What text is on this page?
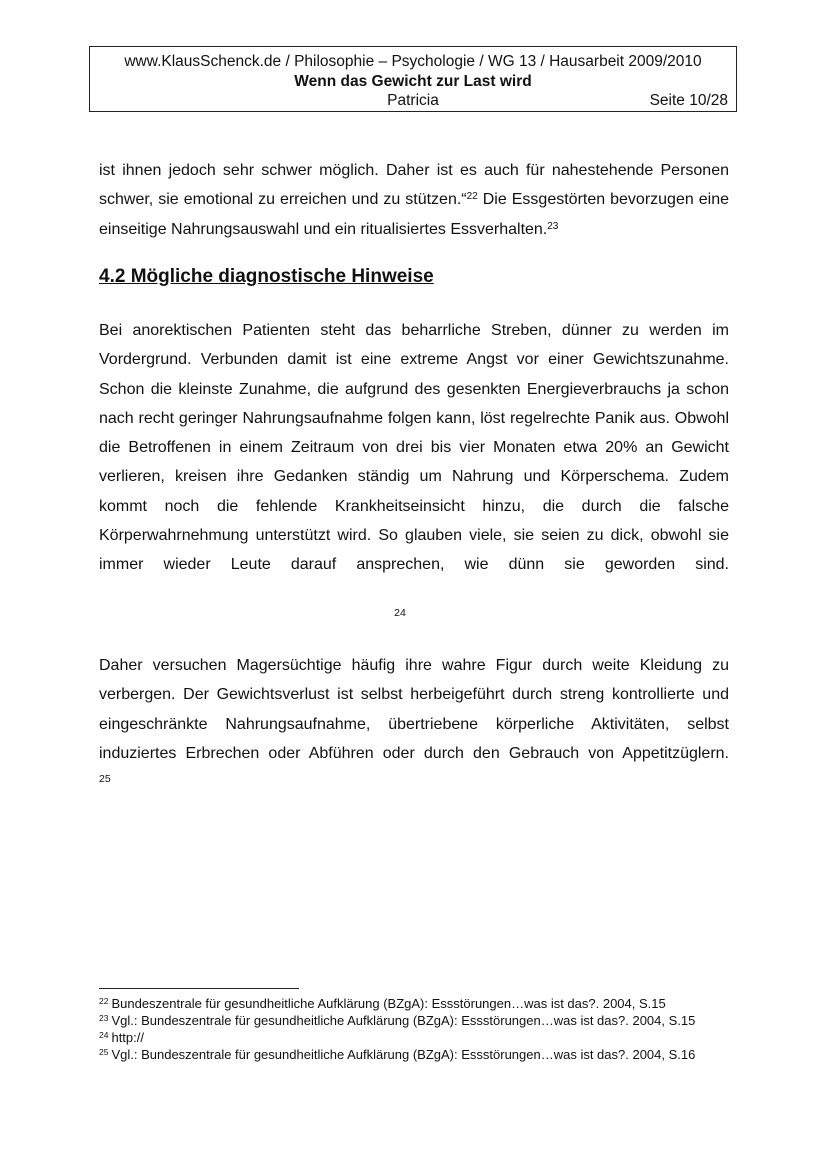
www.KlausSchenck.de / Philosophie – Psychologie / WG 13 / Hausarbeit 2009/2010
Wenn das Gewicht zur Last wird
Patricia	Seite 10/28

ist ihnen jedoch sehr schwer möglich. Daher ist es auch für nahestehende Personen schwer, sie emotional zu erreichen und zu stützen.“$^{22}$ Die Essgestörten bevorzugen eine einseitige Nahrungsauswahl und ein ritualisiertes Essverhalten.$^{23}$

4.2 Mögliche diagnostische Hinweise

Bei anorektischen Patienten steht das beharrliche Streben, dünner zu werden im Vordergrund. Verbunden damit ist eine extreme Angst vor einer Gewichtszunahme. Schon die kleinste Zunahme, die aufgrund des gesenkten Energieverbrauchs ja schon nach recht geringer Nahrungsaufnahme folgen kann, löst regelrechte Panik aus. Obwohl die Betroffenen in einem Zeitraum von drei bis vier Monaten etwa 20% an Gewicht verlieren, kreisen ihre Gedanken ständig um Nahrung und Körperschema. Zudem kommt noch die fehlende Krankheitseinsicht hinzu, die durch die falsche Körperwahrnehmung unterstützt wird. So glauben viele, sie seien zu dick, obwohl sie immer wieder Leute darauf ansprechen, wie dünn sie geworden sind.

24

Daher versuchen Magersüchtige häufig ihre wahre Figur durch weite Kleidung zu verbergen. Der Gewichtsverlust ist selbst herbeigeführt durch streng kontrollierte und eingeschränkte Nahrungsaufnahme, übertriebene körperliche Aktivitäten, selbst induziertes Erbrechen oder Abführen oder durch den Gebrauch von Appetitzüglern.

25

$^{22}$ Bundeszentrale für gesundheitliche Aufklärung (BZgA): Essstörungen…was ist das?. 2004, S.15

$^{23}$ Vgl.: Bundeszentrale für gesundheitliche Aufklärung (BZgA): Essstörungen…was ist das?. 2004, S.15

$^{24}$ http://

$^{25}$ Vgl.: Bundeszentrale für gesundheitliche Aufklärung (BZgA): Essstörungen…was ist das?. 2004, S.16
